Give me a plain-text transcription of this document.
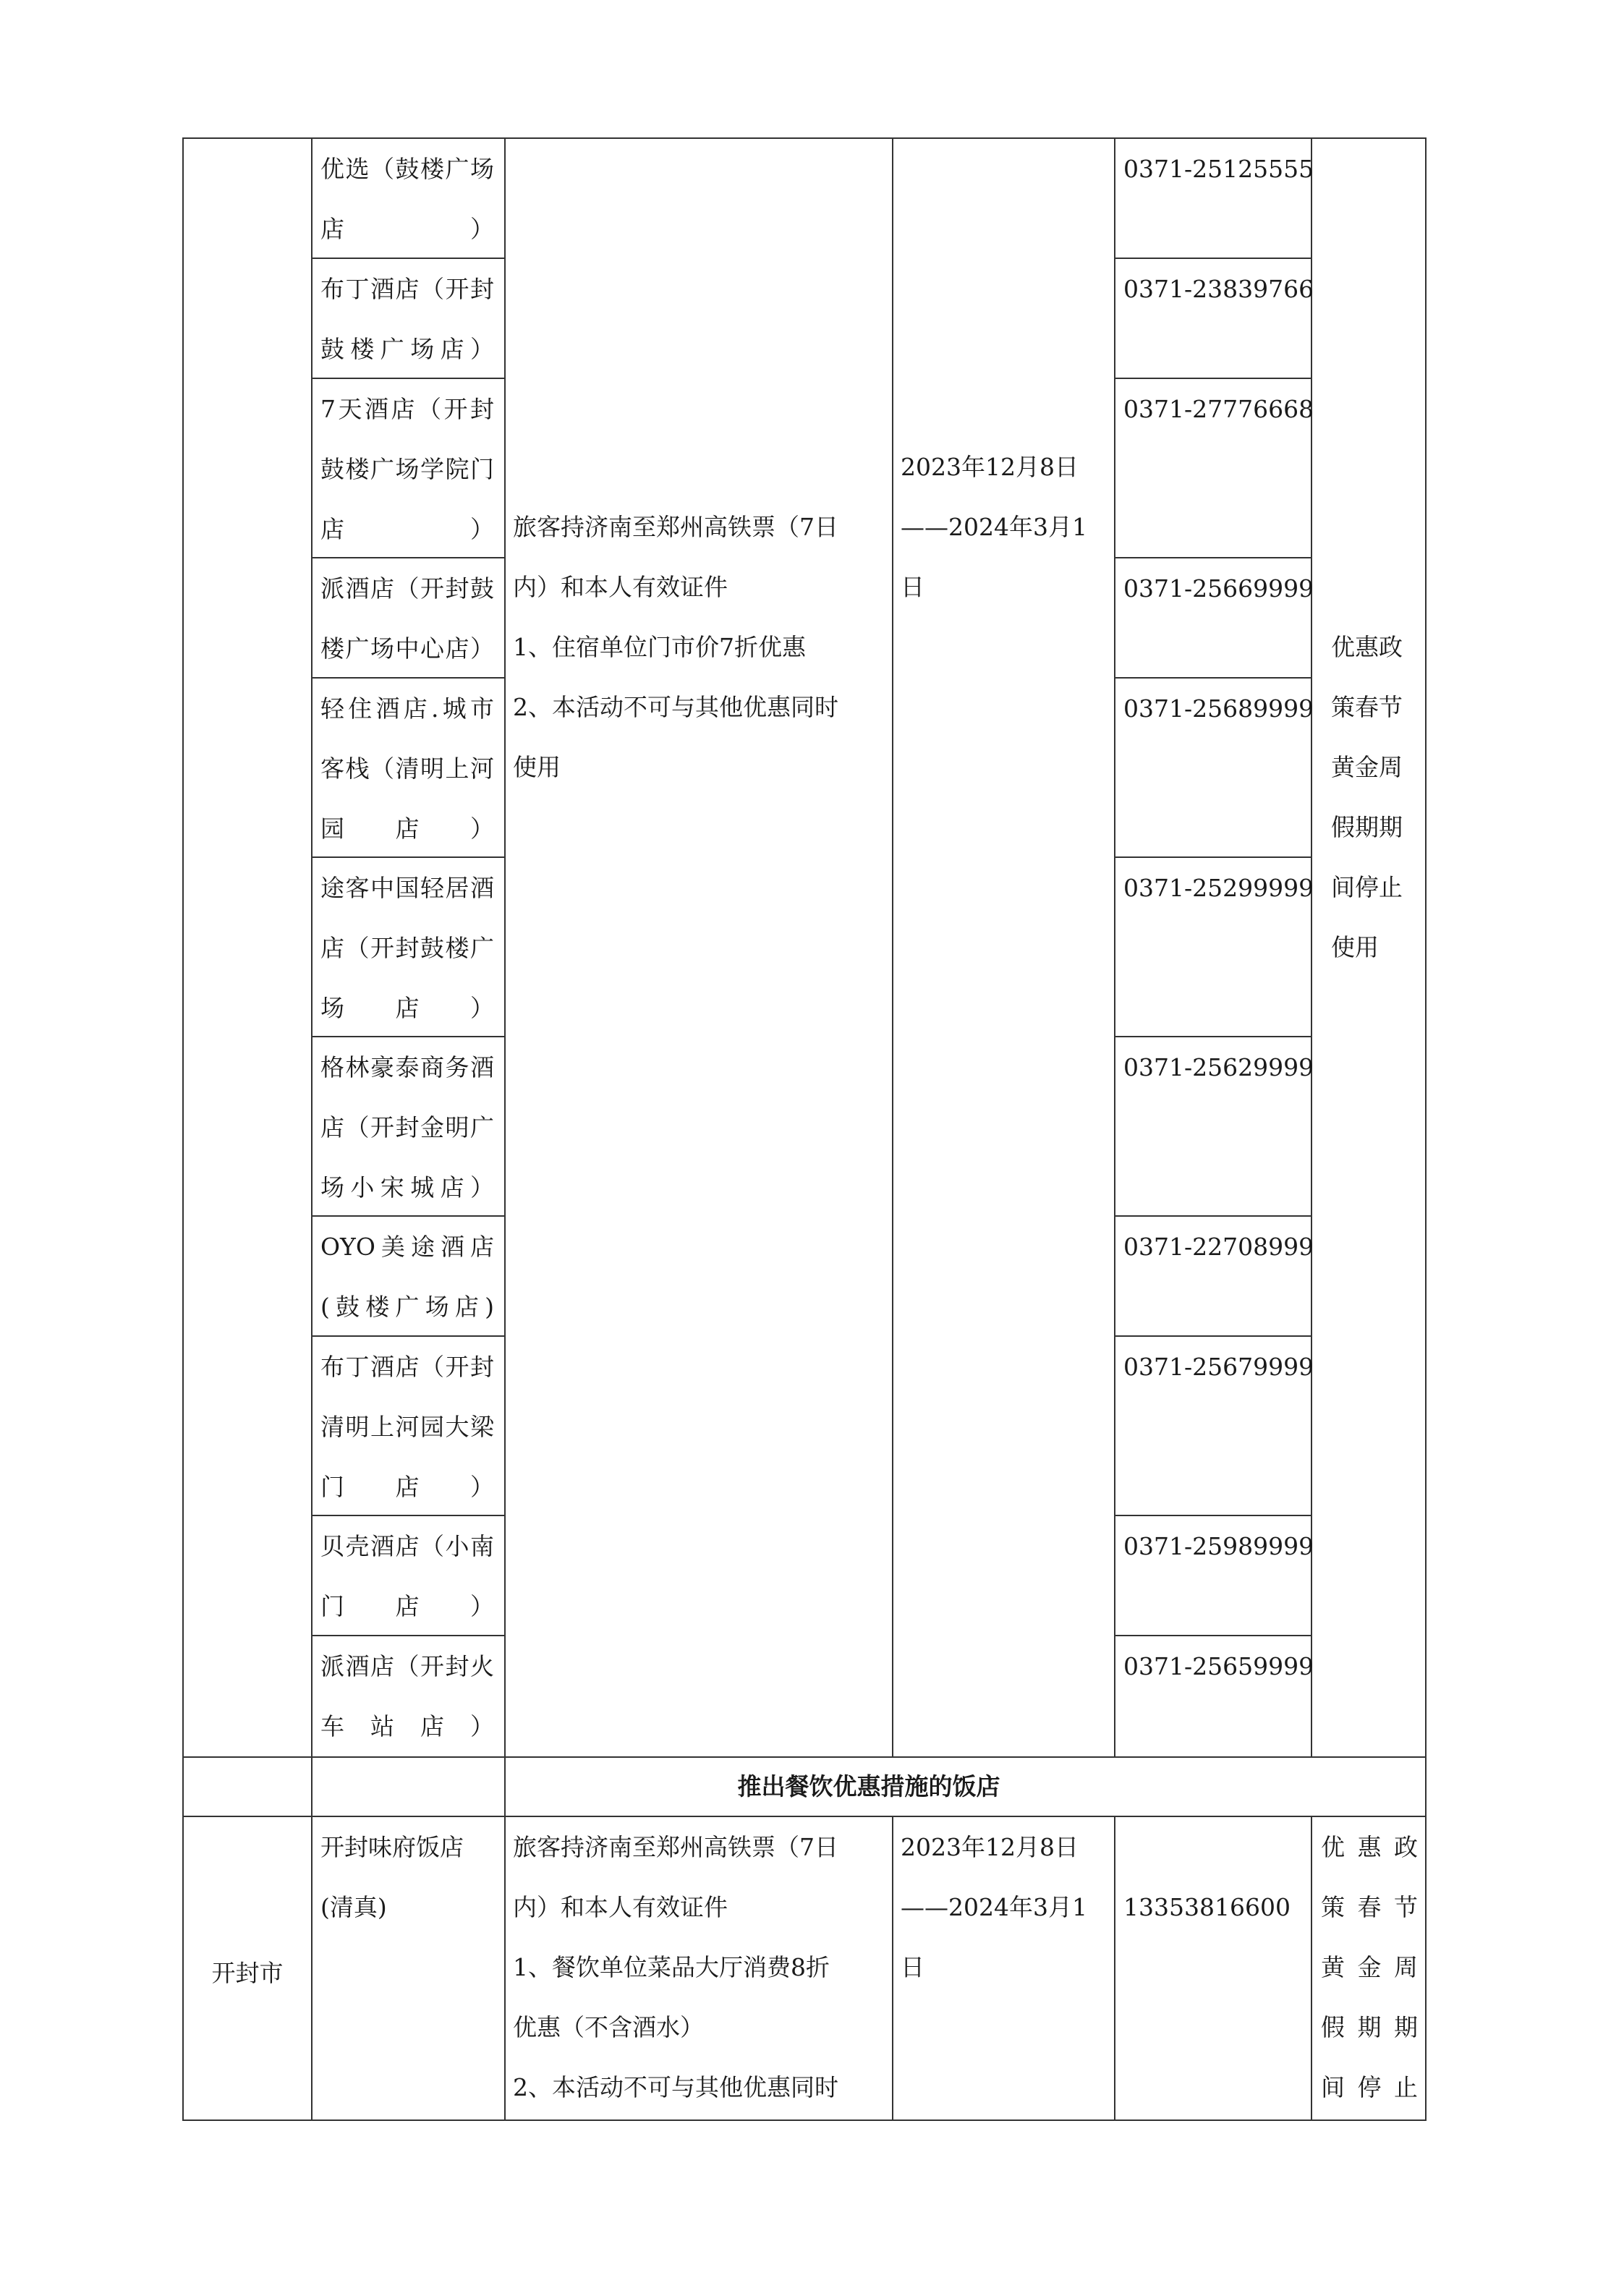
优选（鼓楼广场店）
布丁酒店（开封鼓楼广场店）
7天酒店（开封鼓楼广场学院门店）
派酒店（开封鼓楼广场中心店）
轻住酒店.城市客栈（清明上河园店）
途客中国轻居酒店（开封鼓楼广场店）
格林豪泰商务酒店（开封金明广场小宋城店）
OYO美途酒店(鼓楼广场店)
布丁酒店（开封清明上河园大梁门店）
贝壳酒店（小南门店）
派酒店（开封火车站店）
0371-25125555
0371-23839766
0371-27776668
0371-25669999
0371-25689999
0371-25299999
0371-25629999
0371-22708999
0371-25679999
0371-25989999
0371-25659999
旅客持济南至郑州高铁票（7日
内）和本人有效证件
1、住宿单位门市价7折优惠
2、本活动不可与其他优惠同时
使用
2023年12月8日
——2024年3月1
日
优惠政
策春节
黄金周
假期期
间停止
使用
推出餐饮优惠措施的饭店
开封市
开封味府饭店
(清真)
旅客持济南至郑州高铁票（7日
内）和本人有效证件
1、餐饮单位菜品大厅消费8折
优惠（不含酒水）
2、本活动不可与其他优惠同时
2023年12月8日
——2024年3月1
日
13353816600
优惠政
策春节
黄金周
假期期
间停止
